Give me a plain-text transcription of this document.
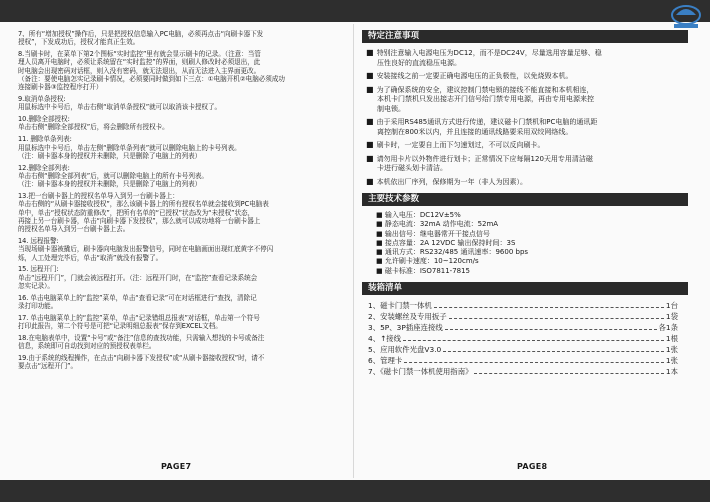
7、所有“增加授权”操作后，只是把授权信息输入PC电脑，必须再点击“向刷卡器下发
授权”，下发成功后，授权才能真正生效。
8.当刷卡时，在菜单下第2个图标“实时监控”里有就会显示刷卡的记录。（注意：当管
理人员离开电脑时，必须让系统留在“实时监控”的界面，则刷人修改时必须退出，此
时电脑会出现密码对话框，则入没有密码，就无法退出，从而无法进入主界面更改。
（备注：要使电脑怎实记录刷卡情况，必须要同时做到如下三点：①电脑开机②电脑必须成功
连接刷卡器③监控程序打开）
9.取消单条授权:
用鼠标选中卡号后，单击右侧“取消单条授权”就可以取消该卡授权了。
10.删除全部授权:
单击右侧“删除全部授权”后，将会删除所有授权卡。
11. 删除单条列表:
用鼠标选中卡号后，单击左侧“删除单条列表”就可以删除电脑上的卡号列表。
（注：刷卡器本身的授权并未删除，只是删除了电脑上的列表）
12.删除全部列表:
单击右侧“删除全部列表”后，就可以删除电脑上的所有卡号列表。
（注：刷卡器本身的授权并未删除，只是删除了电脑上的列表）
13.把一台刷卡器上的授权名单导入到另一台刷卡器上：
单击右侧的“从刷卡器接收授权”，那么该刷卡器上的所有授权名单就会接收到PC电脑表
单中，单击“授权状态防重修改”，把所有名单的“已授权”状态改为“未授权”状态，
再接上另一台刷卡器，单击“向刷卡器下发授权”，那么就可以成功地将一台刷卡器上
的授权名单导入到另一台刷卡器上去。
14. 远程报警:
当现场刷卡器被撬后，刷卡器向电脑发出报警信号，同时在电脑画面出现红底黄字不停闪
烁，人工处理完毕后，单击“取消”就没有报警了。
15. 远程开门:
单击“远程开门”，门就会被远程打开。（注：远程开门时，在“监控”查看记录系统会
忽实记录）。
16. 单击电脑菜单上的“监控”菜单，单击“查看记录”可在对话框进行“查找，清除记
录打印功能。
17. 单击电脑菜单上的“监控”菜单，单击“记录错组总报表”对话框，单击第一个符号
打印此报告，第二个符号是可把“记录明细总报表”保存到EXCEL文档。
18.在电脑表单中，设置“卡号”或“备注”信息的查找功能，只需输入想找的卡号或备注
信息，系统即可自动找到对应的预授权表单栏。
19.由于系统的线程操作，在点击“向刷卡器下发授权”或“从刷卡器接收授权”时，请不
要点击“远程开门”。
特定注意事项
■ 特别注意输入电源电压为DC12，而不是DC24V，尽量选用容量足够、稳
压性良好的直流稳压电源。
■ 安装接线之前一定要正确电源电压的正负极性，以免烧毁本机。
■ 为了确保系统的安全，建议控制门禁电锁的接线不能直接和本机相连，
本机卡门禁机只发出接志开门信号给门禁专用电源，再由专用电源来控
制电锁。
■ 由于采用RS485通讯方式进行传递，建议磁卡门禁机和PC电脑的通讯距
离控制在800米以内，并且连接的通讯线路要采用双绞网络线。
■ 刷卡时，一定要自上而下匀速划过，不可以反向刷卡。
■ 请勿用卡片以外物件进行划卡；正常情况下应每隔120天用专用清洁磁
卡进行磁头划卡清洁。
■ 本机依出厂序列，保修期为一年（非人为因素）。
主要技术参数
■ 输入电压：DC12V±5%
■ 静态电流：32mA 动作电流：52mA
■ 输出信号：继电器常开干接点信号
■ 接点容量：2A 12VDC 输出保持时间：3S
■ 通讯方式：RS232/485 通讯速率：9600 bps
■ 允许刷卡速度：10~120cm/s
■ 磁卡标准：ISO7811-7815
装箱清单
1、磁卡门禁一体机	1台
2、安装螺丝及专用扳子	1袋
3、5P、3P插座连接线	各1条
4、↑接线	1根
5、应用软件光盘V3.0	1张
6、管理卡	1张
7、《磁卡门禁一体机使用指南》	1本
PAGE7	PAGE8
